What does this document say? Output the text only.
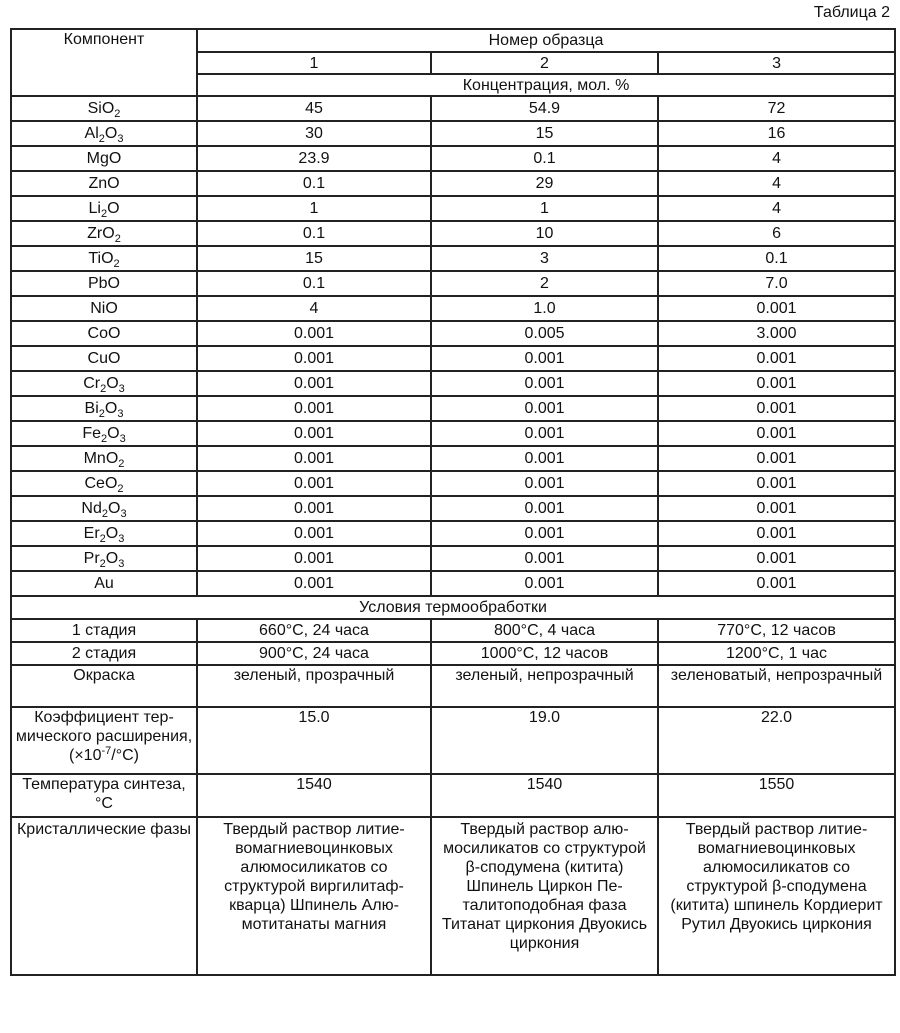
Таблица 2
Компонент	Номер образца		
	1	2	3
	Концентрация, мол. %		
SiO$_2$	45	54.9	72
$Al_2O_3$	30	15	16
MgO	23.9	0.1	4
ZnO	0.1	29	4
$Li_2O$	1	1	4
ZrO$_2$	0.1	10	6
TiO$_2$	15	3	0.1
PbO	0.1	2	7.0
NiO	4	1.0	0.001
CoO	0.001	0.005	3.000
CuO	0.001	0.001	0.001
$Cr_2O_3$	0.001	0.001	0.001
$Bi_2O_3$	0.001	0.001	0.001
$Fe_2O_3$	0.001	0.001	0.001
MnO$_2$	0.001	0.001	0.001
CeO$_2$	0.001	0.001	0.001
$Nd_2O_3$	0.001	0.001	0.001
$Er_2O_3$	0.001	0.001	0.001
$Pr_2O_3$	0.001	0.001	0.001
Au	0.001	0.001	0.001
Условия термообработки			
1 стадия	660°C, 24 часа	800°C, 4 часа	770°C, 12 часов
2 стадия	900°C, 24 часа	1000°C, 12 часов	1200°C, 1 час
Окраска	зеленый, прозрачный	зеленый, непрозрачный	зеленоватый, непрозрачный
Коэффициент термического расширения, $(\times 10^{-7}/^\circ C)$	15.0	19.0	22.0
Температура синтеза, °C	1540	1540	1550
Кристаллические фазы	Твердый раствор литиевомагниевоцинковых алюмосиликатов со структурой виргилитафкварца) Шпинель Алюмотитанаты магния	Твердый раствор алюмосиликатов со структурой β-сподумена (китита) Шпинель Циркон Петалитоподобная фаза Титанат циркония Двуокись циркония	Твердый раствор литиевомагниевоцинковых алюмосиликатов со структурой β-сподумена (китита) шпинель Кордиерит Рутил Двуокись циркония
